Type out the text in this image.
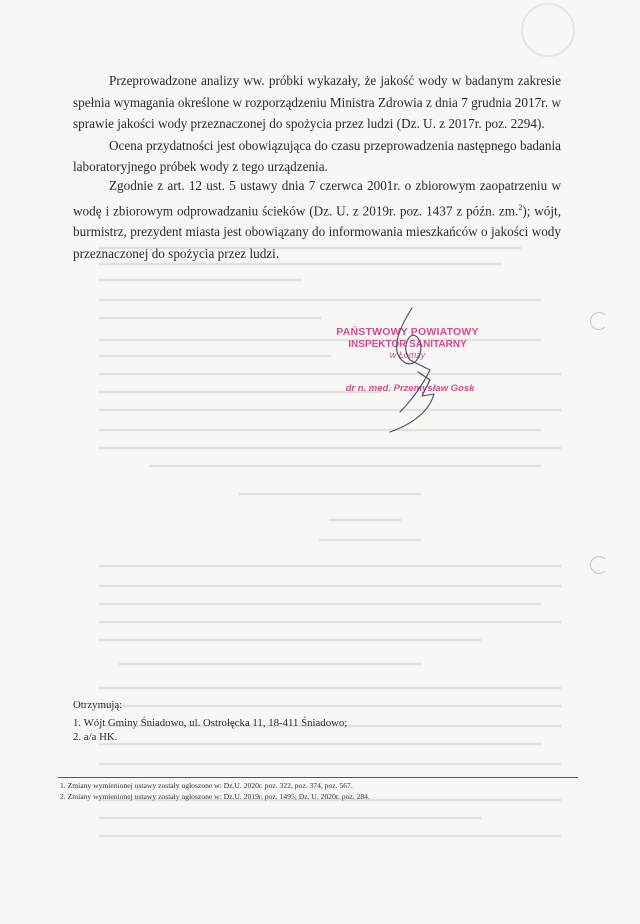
Przeprowadzone analizy ww. próbki wykazały, że jakość wody w badanym zakresie spełnia wymagania określone w rozporządzeniu Ministra Zdrowia z dnia 7 grudnia 2017r. w sprawie jakości wody przeznaczonej do spożycia przez ludzi (Dz. U. z 2017r. poz. 2294).

Ocena przydatności jest obowiązująca do czasu przeprowadzenia następnego badania laboratoryjnego próbek wody z tego urządzenia.

Zgodnie z art. 12 ust. 5 ustawy dnia 7 czerwca 2001r. o zbiorowym zaopatrzeniu w wodę i zbiorowym odprowadzaniu ścieków (Dz. U. z 2019r. poz. 1437 z późn. zm.$^2$); wójt, burmistrz, prezydent miasta jest obowiązany do informowania mieszkańców o jakości wody przeznaczonej do spożycia przez ludzi.

PAŃSTWOWY POWIATOWY
INSPEKTOR SANITARNY
w Łomży
dr n. med. Przemysław Gosk
Otrzymują:
1. Wójt Gminy Śniadowo, ul. Ostrołęcka 11, 18-411 Śniadowo;
2. a/a HK.
1. Zmiany wymienionej ustawy zostały ogłoszone w: Dz.U. 2020r. poz. 322, poz. 374, poz. 567.
2. Zmiany wymienionej ustawy zostały ogłoszone w: Dz.U. 2019r. poz. 1495; Dz. U. 2020r. poz. 284.
